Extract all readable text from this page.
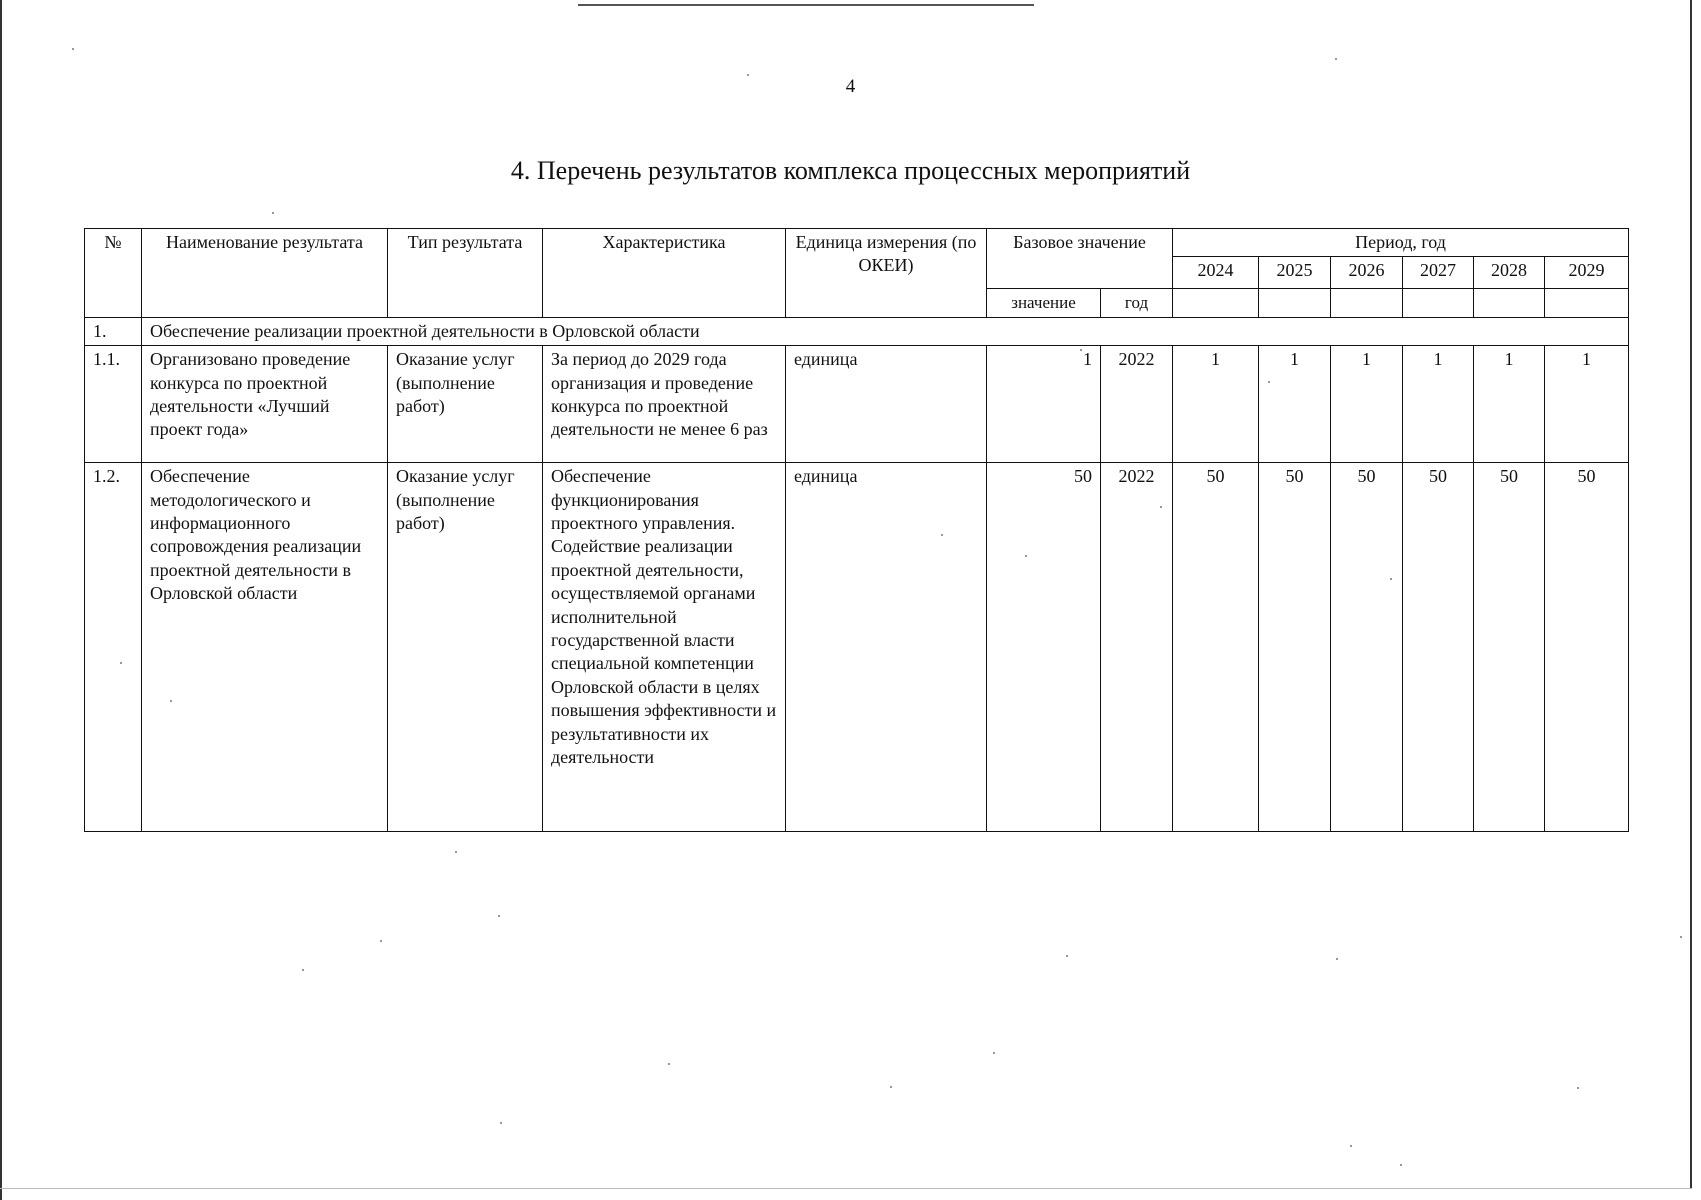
4
4. Перечень результатов комплекса процессных мероприятий
№	Наименование результата	Тип результата	Характеристика	Единица измерения (по ОКЕИ)	Базовое значение		Период, год					
							2024	2025	2026	2027	2028	2029
					значение	год						
1.	Обеспечение реализации проектной деятельности в Орловской области											
1.1.	Организовано проведение конкурса по проектной деятельности «Лучший проект года»	Оказание услуг (выполнение работ)	За период до 2029 года организация и проведение конкурса по проектной деятельности не менее 6 раз	единица	1	2022	1	1	1	1	1	1
1.2.	Обеспечение методологического и информационного сопровождения реализации проектной деятельности в Орловской области	Оказание услуг (выполнение работ)	Обеспечение функционирования проектного управления. Содействие реализации проектной деятельности, осуществляемой органами исполнительной государственной власти специальной компетенции Орловской области в целях повышения эффективности и результативности их деятельности	единица	50	2022	50	50	50	50	50	50
